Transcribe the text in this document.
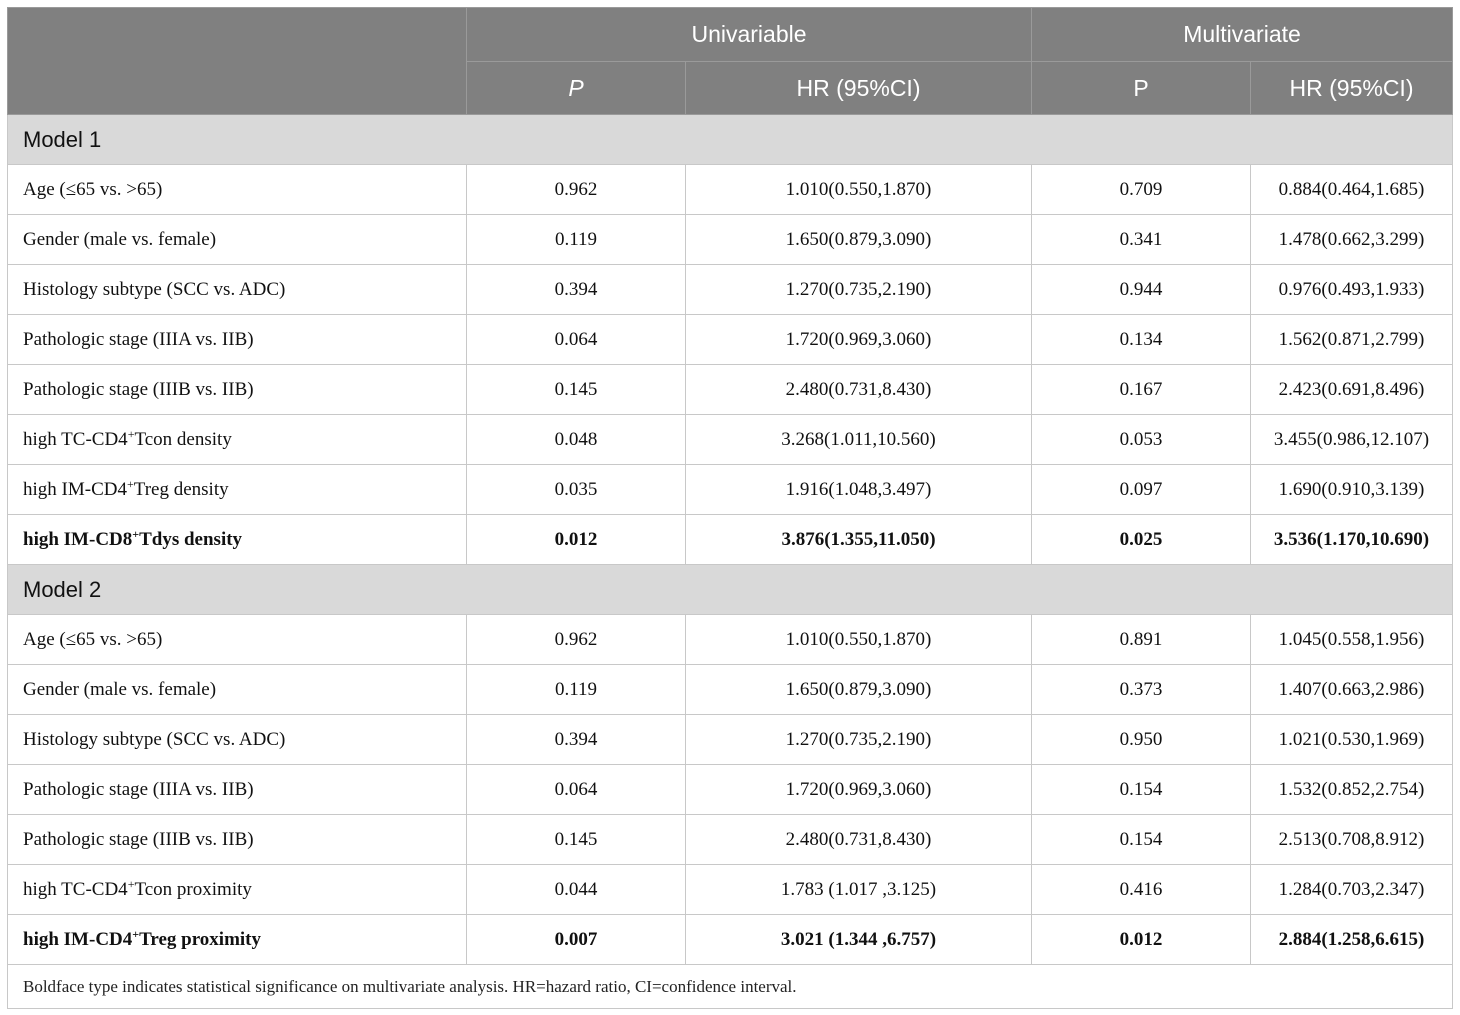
	Univariable		Multivariate	
	P	HR (95%CI)	P	HR (95%CI)
Model 1				
Age (≤65 vs. >65)	0.962	1.010(0.550,1.870)	0.709	0.884(0.464,1.685)
Gender (male vs. female)	0.119	1.650(0.879,3.090)	0.341	1.478(0.662,3.299)
Histology subtype (SCC vs. ADC)	0.394	1.270(0.735,2.190)	0.944	0.976(0.493,1.933)
Pathologic stage (IIIA vs. IIB)	0.064	1.720(0.969,3.060)	0.134	1.562(0.871,2.799)
Pathologic stage (IIIB vs. IIB)	0.145	2.480(0.731,8.430)	0.167	2.423(0.691,8.496)
high TC-CD4+Tcon density	0.048	3.268(1.011,10.560)	0.053	3.455(0.986,12.107)
high IM-CD4+Treg density	0.035	1.916(1.048,3.497)	0.097	1.690(0.910,3.139)
high IM-CD8+Tdys density	0.012	3.876(1.355,11.050)	0.025	3.536(1.170,10.690)
Model 2				
Age (≤65 vs. >65)	0.962	1.010(0.550,1.870)	0.891	1.045(0.558,1.956)
Gender (male vs. female)	0.119	1.650(0.879,3.090)	0.373	1.407(0.663,2.986)
Histology subtype (SCC vs. ADC)	0.394	1.270(0.735,2.190)	0.950	1.021(0.530,1.969)
Pathologic stage (IIIA vs. IIB)	0.064	1.720(0.969,3.060)	0.154	1.532(0.852,2.754)
Pathologic stage (IIIB vs. IIB)	0.145	2.480(0.731,8.430)	0.154	2.513(0.708,8.912)
high TC-CD4+Tcon proximity	0.044	1.783 (1.017 ,3.125)	0.416	1.284(0.703,2.347)
high IM-CD4+Treg proximity	0.007	3.021 (1.344 ,6.757)	0.012	2.884(1.258,6.615)
Boldface type indicates statistical significance on multivariate analysis. HR=hazard ratio, CI=confidence interval.				
